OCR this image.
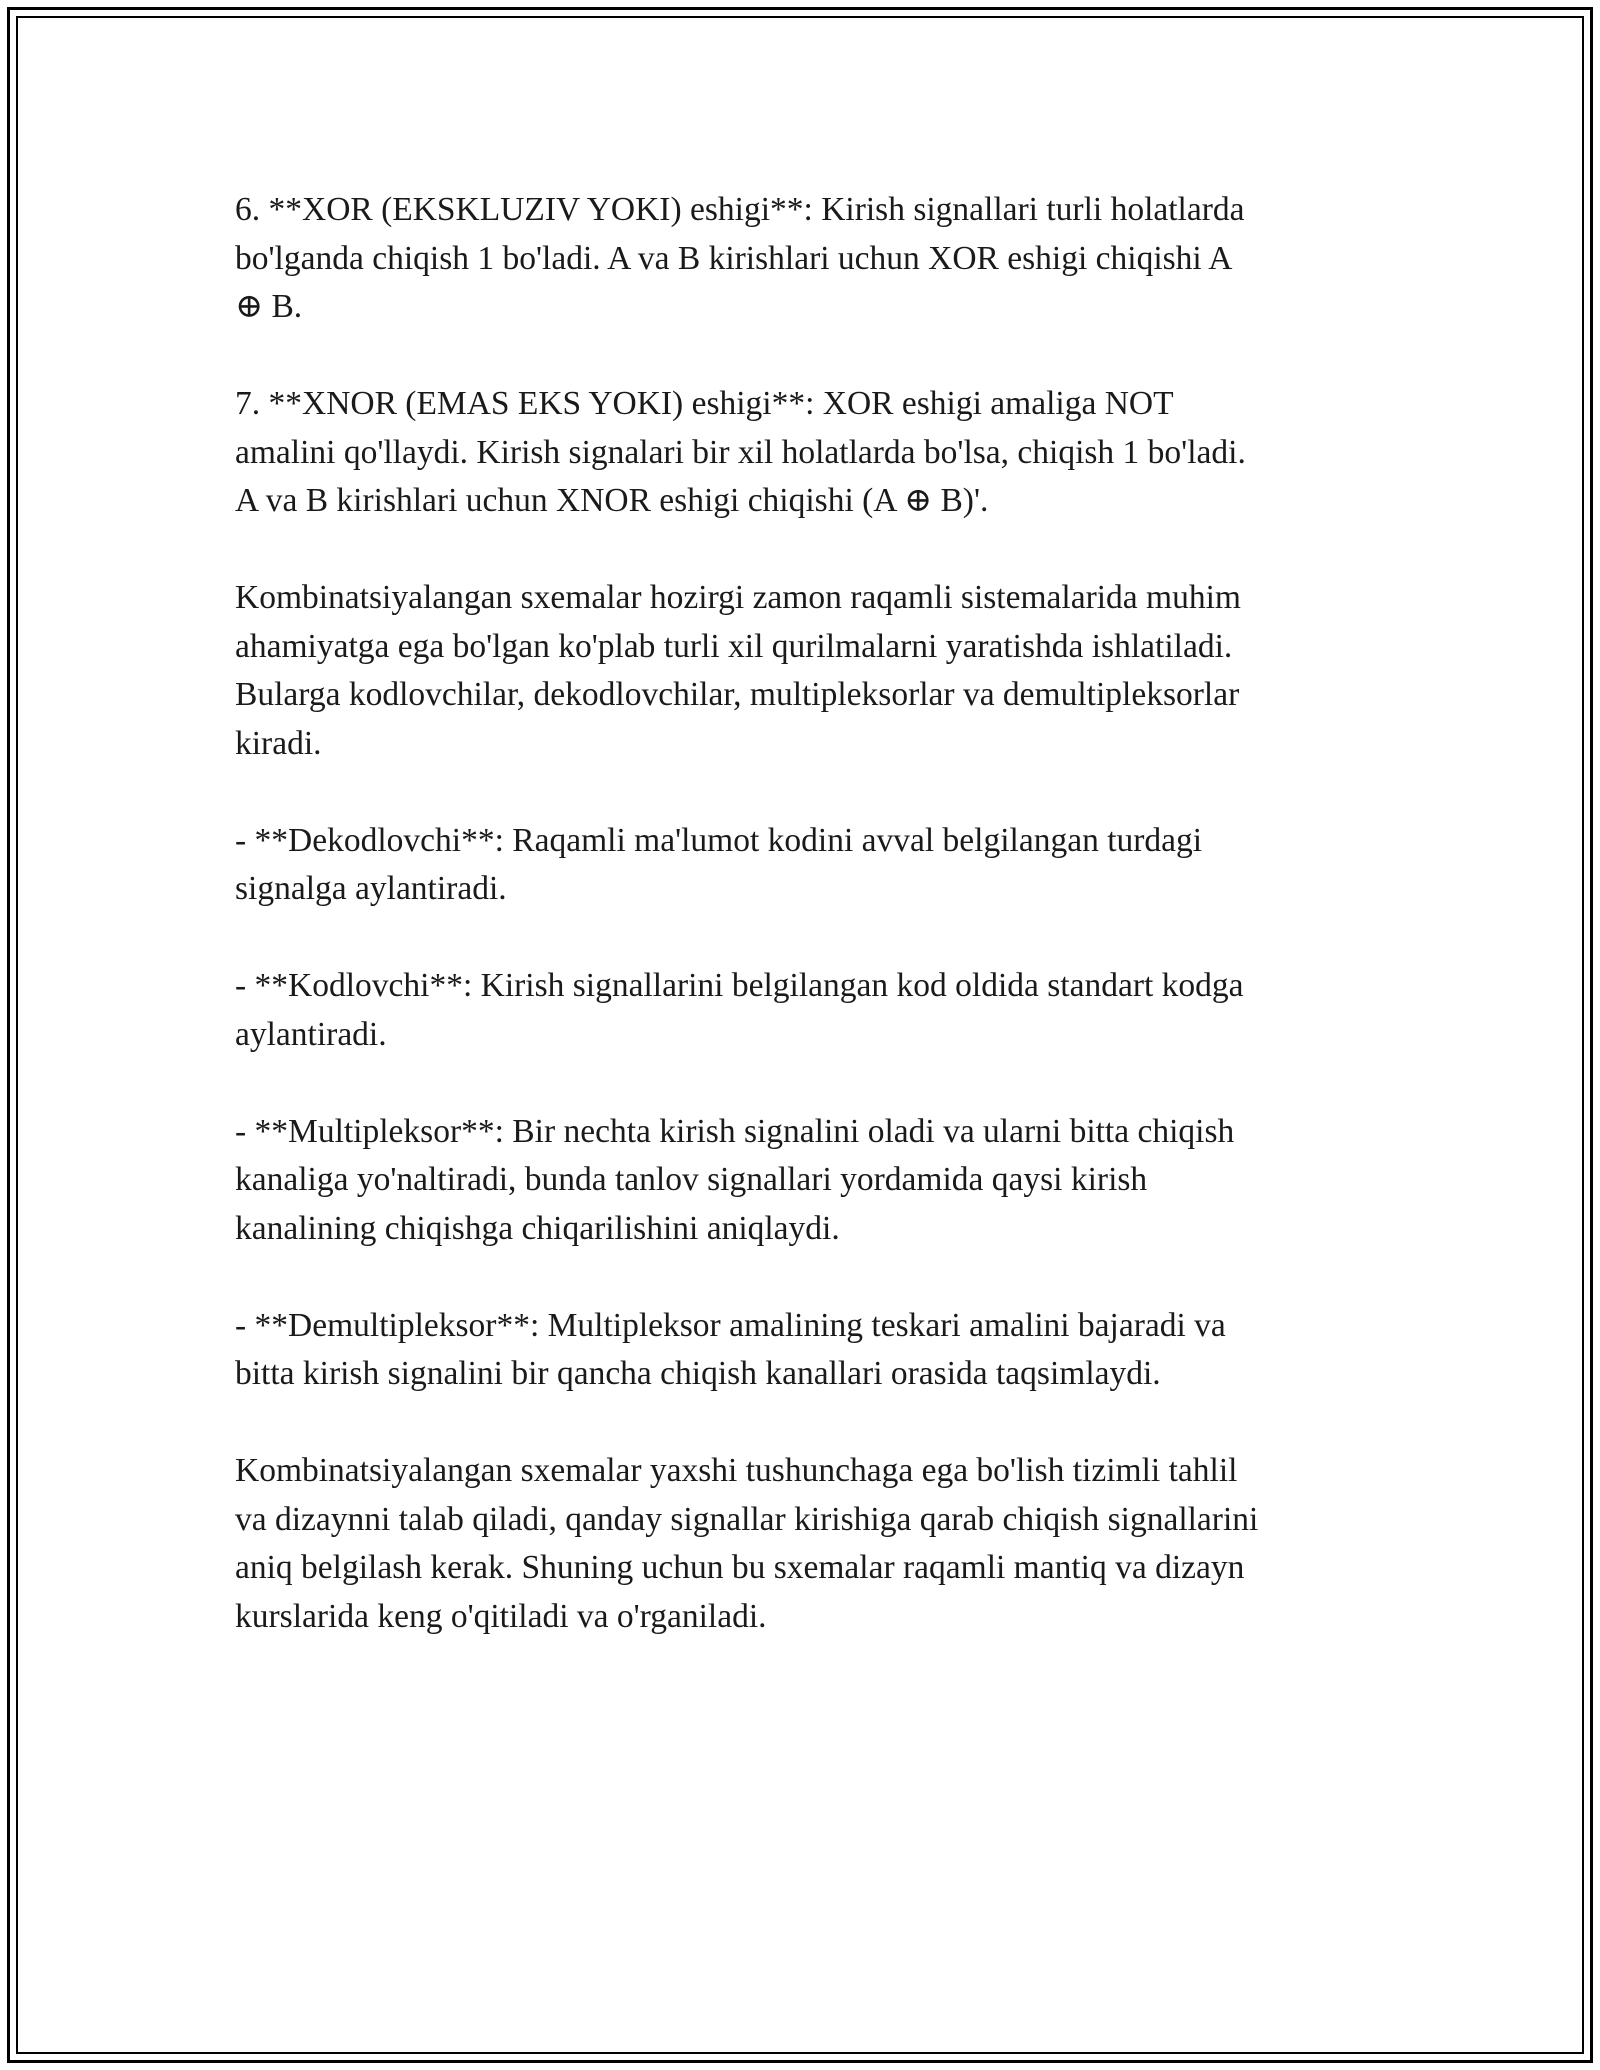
6. **XOR (EKSKLUZIV YOKI) eshigi**: Kirish signallari turli holatlarda
bo'lganda chiqish 1 bo'ladi. A va B kirishlari uchun XOR eshigi chiqishi A
⊕ B.

7. **XNOR (EMAS EKS YOKI) eshigi**: XOR eshigi amaliga NOT
amalini qo'llaydi. Kirish signalari bir xil holatlarda bo'lsa, chiqish 1 bo'ladi.
A va B kirishlari uchun XNOR eshigi chiqishi (A ⊕ B)'.

Kombinatsiyalangan sxemalar hozirgi zamon raqamli sistemalarida muhim
ahamiyatga ega bo'lgan ko'plab turli xil qurilmalarni yaratishda ishlatiladi.
Bularga kodlovchilar, dekodlovchilar, multipleksorlar va demultipleksorlar
kiradi.

- **Dekodlovchi**: Raqamli ma'lumot kodini avval belgilangan turdagi
signalga aylantiradi.

- **Kodlovchi**: Kirish signallarini belgilangan kod oldida standart kodga
aylantiradi.

- **Multipleksor**: Bir nechta kirish signalini oladi va ularni bitta chiqish
kanaliga yo'naltiradi, bunda tanlov signallari yordamida qaysi kirish
kanalining chiqishga chiqarilishini aniqlaydi.

- **Demultipleksor**: Multipleksor amalining teskari amalini bajaradi va
bitta kirish signalini bir qancha chiqish kanallari orasida taqsimlaydi.

Kombinatsiyalangan sxemalar yaxshi tushunchaga ega bo'lish tizimli tahlil
va dizaynni talab qiladi, qanday signallar kirishiga qarab chiqish signallarini
aniq belgilash kerak. Shuning uchun bu sxemalar raqamli mantiq va dizayn
kurslarida keng o'qitiladi va o'rganiladi.
